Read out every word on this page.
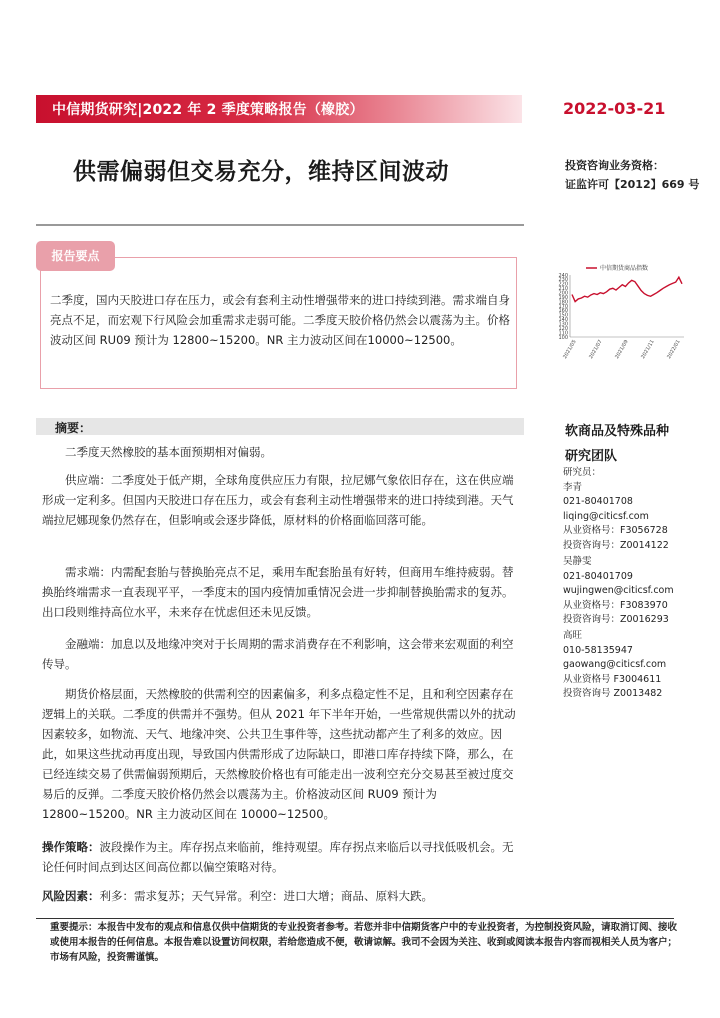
中信期货研究|2022 年 2 季度策略报告（橡胶）	2022-03-21
供需偏弱但交易充分，维持区间波动	投资咨询业务资格：
证监许可【2012】669 号
报告要点
二季度，国内天胶进口存在压力，或会有套利主动性增强带来的进口持续到港。需求端自身亮点不足，而宏观下行风险会加重需求走弱可能。二季度天胶价格仍然会以震荡为主。价格波动区间 RU09 预计为 12800~15200。NR 主力波动区间在10000~12500。
中信期货商品指数
100
110
120
130
140
150
160
170
180
190
200
210
220
230
240
2021/05 2021/07 2021/09 2021/11 2022/01
摘要：
二季度天然橡胶的基本面预期相对偏弱。
供应端：二季度处于低产期，全球角度供应压力有限，拉尼娜气象依旧存在，这在供应端形成一定利多。但国内天胶进口存在压力，或会有套利主动性增强带来的进口持续到港。天气端拉尼娜现象仍然存在，但影响或会逐步降低，原材料的价格面临回落可能。
需求端：内需配套胎与替换胎亮点不足，乘用车配套胎虽有好转，但商用车维持疲弱。替换胎终端需求一直表现平平，一季度末的国内疫情加重情况会进一步抑制替换胎需求的复苏。出口段则维持高位水平，未来存在忧虑但还未见反馈。
金融端：加息以及地缘冲突对于长周期的需求消费存在不利影响，这会带来宏观面的利空传导。
期货价格层面，天然橡胶的供需利空的因素偏多，利多点稳定性不足，且和利空因素存在逻辑上的关联。二季度的供需并不强势。但从 2021 年下半年开始，一些常规供需以外的扰动因素较多，如物流、天气、地缘冲突、公共卫生事件等，这些扰动都产生了利多的效应。因此，如果这些扰动再度出现，导致国内供需形成了边际缺口，即港口库存持续下降，那么，在已经连续交易了供需偏弱预期后，天然橡胶价格也有可能走出一波利空充分交易甚至被过度交易后的反弹。二季度天胶价格仍然会以震荡为主。价格波动区间 RU09 预计为 12800~15200。NR 主力波动区间在 10000~12500。
操作策略：波段操作为主。库存拐点来临前，维持观望。库存拐点来临后以寻找低吸机会。无论任何时间点到达区间高位都以偏空策略对待。
风险因素：利多：需求复苏；天气异常。利空：进口大增；商品、原料大跌。
软商品及特殊品种
研究团队
研究员：
李青
021-80401708
liqing@citicsf.com
从业资格号：F3056728
投资咨询号：Z0014122
吴静雯
021-80401709
wujingwen@citicsf.com
从业资格号：F3083970
投资咨询号：Z0016293
高旺
010-58135947
gaowang@citicsf.com
从业资格号 F3004611
投资咨询号 Z0013482
重要提示：本报告中发布的观点和信息仅供中信期货的专业投资者参考。若您并非中信期货客户中的专业投资者，为控制投资风险，请取消订阅、接收或使用本报告的任何信息。本报告难以设置访问权限，若给您造成不便，敬请谅解。我司不会因为关注、收到或阅读本报告内容而视相关人员为客户；市场有风险，投资需谨慎。
